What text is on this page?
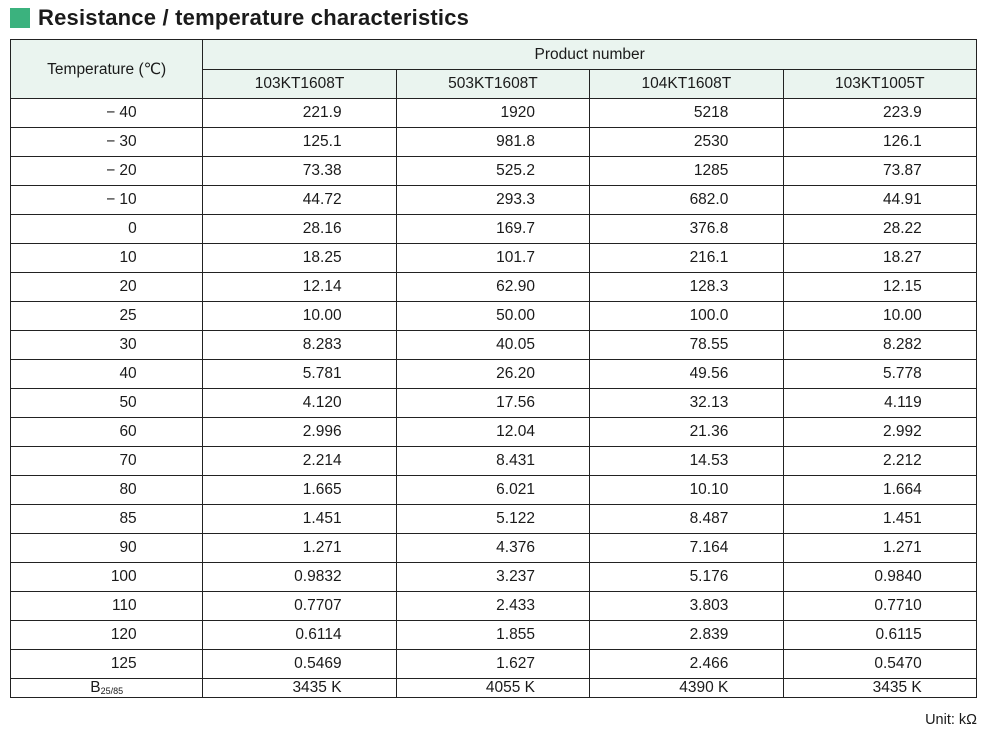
Resistance / temperature characteristics
Temperature (℃)	Product number			
	103KT1608T	503KT1608T	104KT1608T	103KT1005T
− 40	221.9	1920	5218	223.9
− 30	125.1	981.8	2530	126.1
− 20	73.38	525.2	1285	73.87
− 10	44.72	293.3	682.0	44.91
0	28.16	169.7	376.8	28.22
10	18.25	101.7	216.1	18.27
20	12.14	62.90	128.3	12.15
25	10.00	50.00	100.0	10.00
30	8.283	40.05	78.55	8.282
40	5.781	26.20	49.56	5.778
50	4.120	17.56	32.13	4.119
60	2.996	12.04	21.36	2.992
70	2.214	8.431	14.53	2.212
80	1.665	6.021	10.10	1.664
85	1.451	5.122	8.487	1.451
90	1.271	4.376	7.164	1.271
100	0.9832	3.237	5.176	0.9840
110	0.7707	2.433	3.803	0.7710
120	0.6114	1.855	2.839	0.6115
125	0.5469	1.627	2.466	0.5470
$B_{25/85}$	3435 K	4055 K	4390 K	3435 K
Unit: kΩ
